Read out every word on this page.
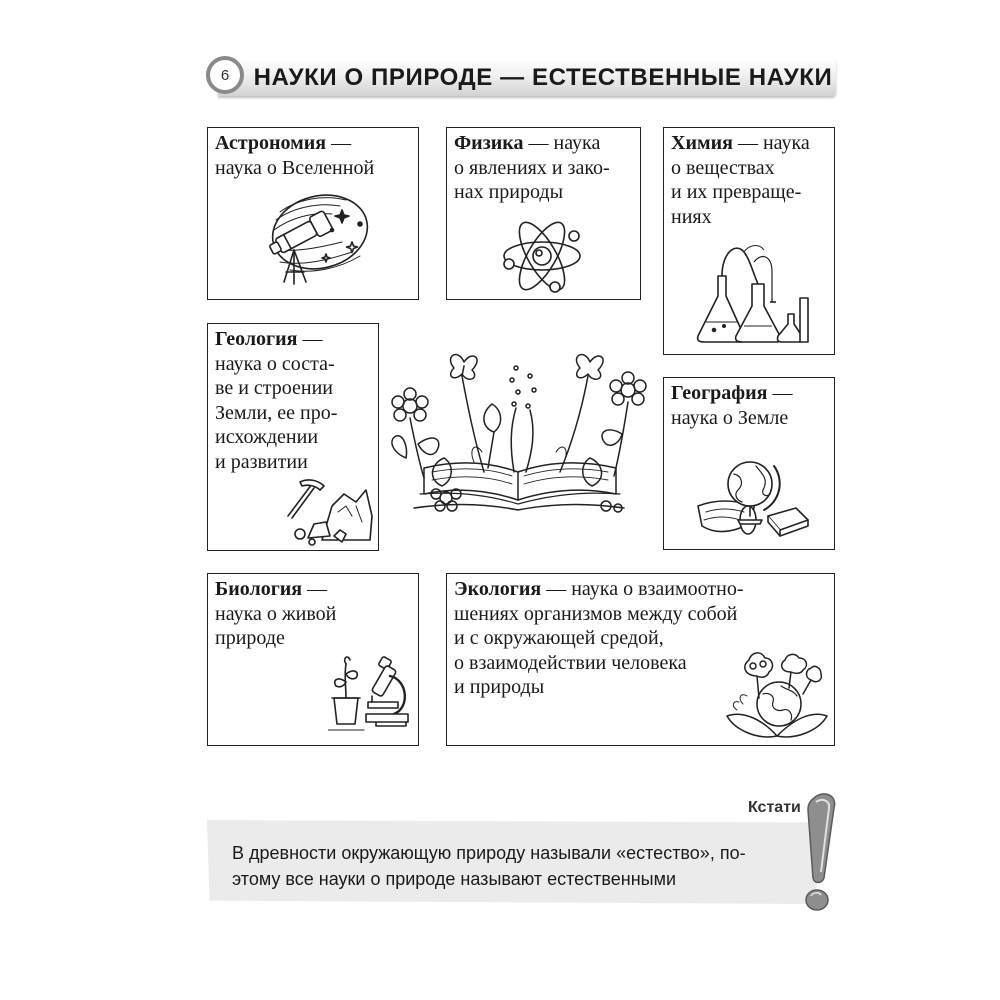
6	НАУКИ О ПРИРОДЕ — ЕСТЕСТВЕННЫЕ НАУКИ
Астрономия —
наука о Вселенной
Физика — наука
о явлениях и зако-
нах природы
Химия — наука
о веществах
и их превраще-
ниях
Геология —
наука о соста-
ве и строении
Земли, ее про-
исхождении
и развитии
География —
наука о Земле
Биология —
наука о живой
природе
Экология — наука о взаимоотно-
шениях организмов между собой
и с окружающей средой,
о взаимодействии человека
и природы
Кстати
В древности окружающую природу называли «естество», по-
этому все науки о природе называют естественными
